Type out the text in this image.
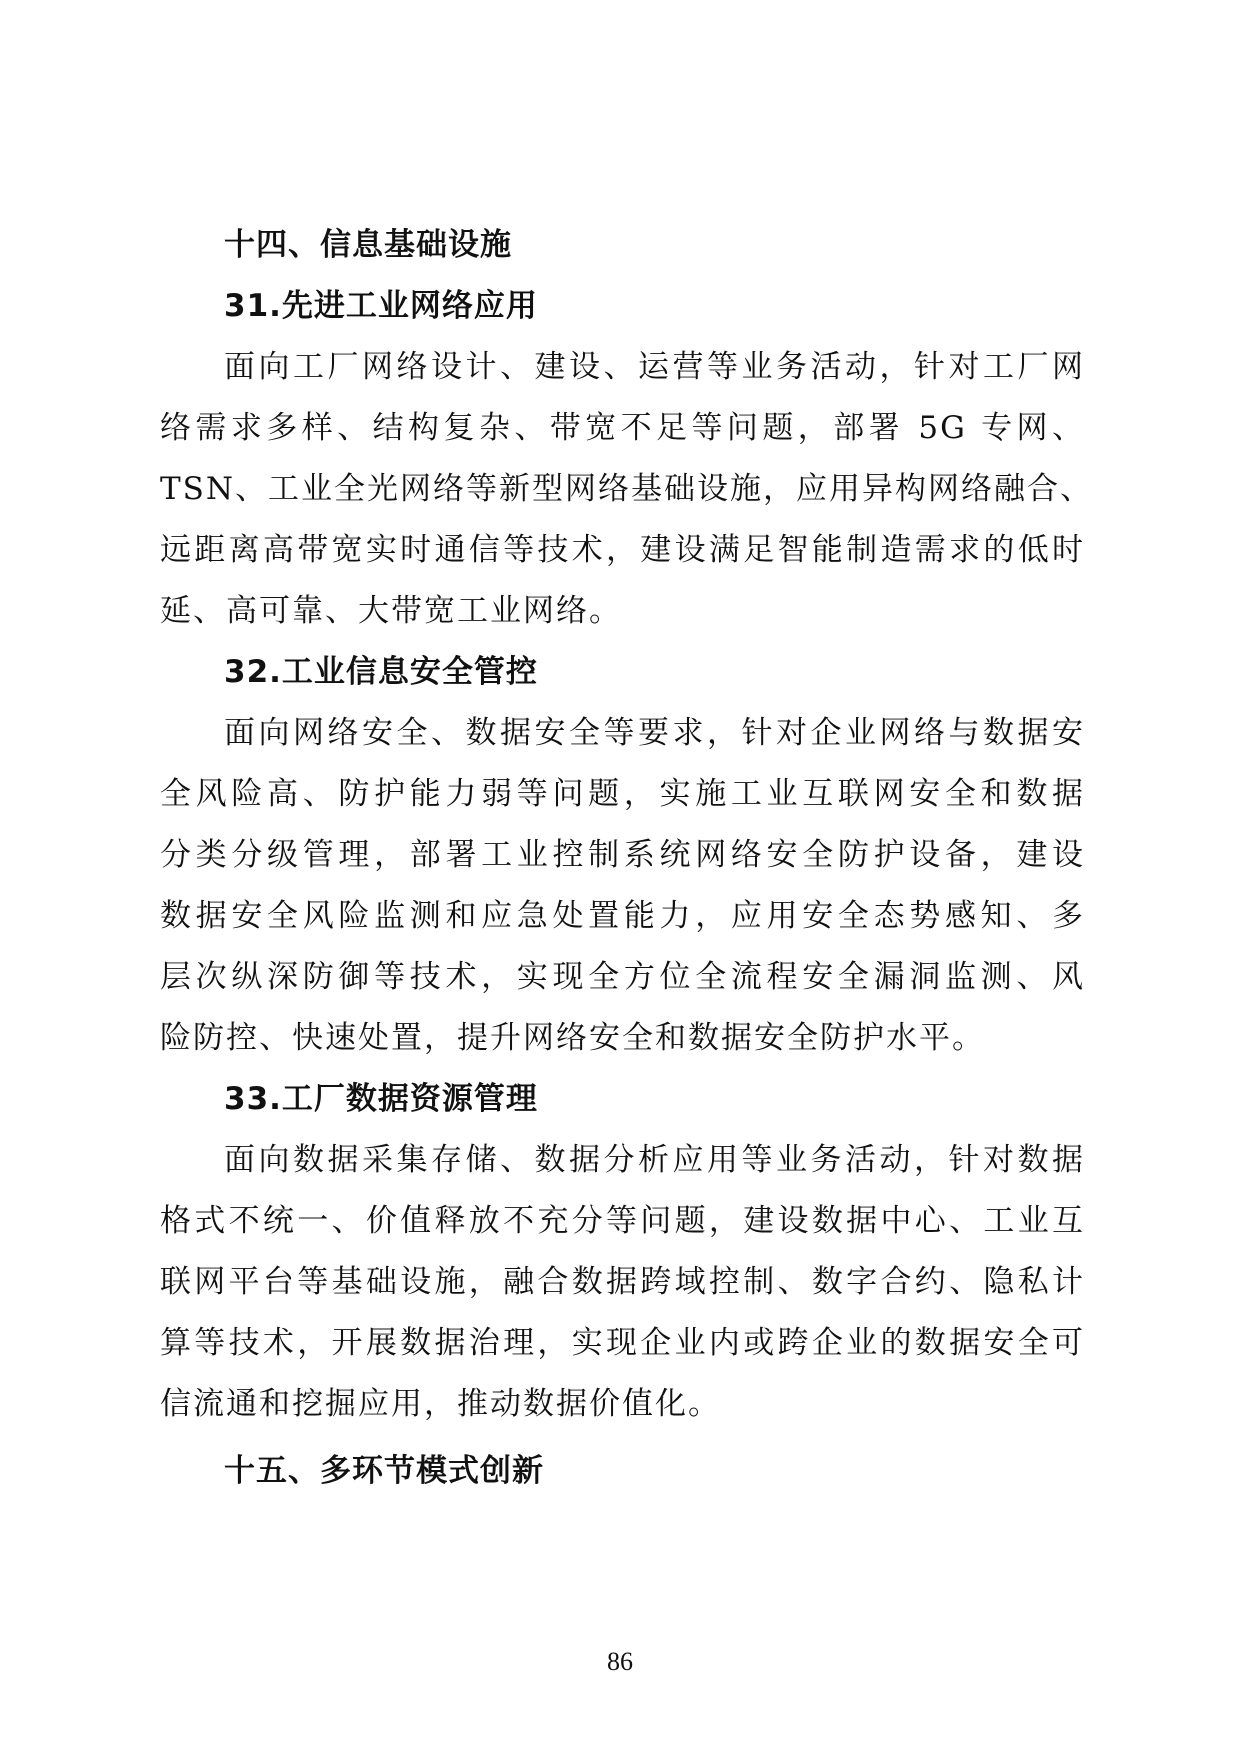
十四、信息基础设施
31.先进工业网络应用

面向工厂网络设计、建设、运营等业务活动，针对工厂网
络需求多样、结构复杂、带宽不足等问题，部署 5G 专网、
TSN、工业全光网络等新型网络基础设施，应用异构网络融合、
远距离高带宽实时通信等技术，建设满足智能制造需求的低时
延、高可靠、大带宽工业网络。

32.工业信息安全管控

面向网络安全、数据安全等要求，针对企业网络与数据安
全风险高、防护能力弱等问题，实施工业互联网安全和数据
分类分级管理，部署工业控制系统网络安全防护设备，建设
数据安全风险监测和应急处置能力，应用安全态势感知、多
层次纵深防御等技术，实现全方位全流程安全漏洞监测、风
险防控、快速处置，提升网络安全和数据安全防护水平。

33.工厂数据资源管理

面向数据采集存储、数据分析应用等业务活动，针对数据
格式不统一、价值释放不充分等问题，建设数据中心、工业互
联网平台等基础设施，融合数据跨域控制、数字合约、隐私计
算等技术，开展数据治理，实现企业内或跨企业的数据安全可
信流通和挖掘应用，推动数据价值化。

十五、多环节模式创新
86
